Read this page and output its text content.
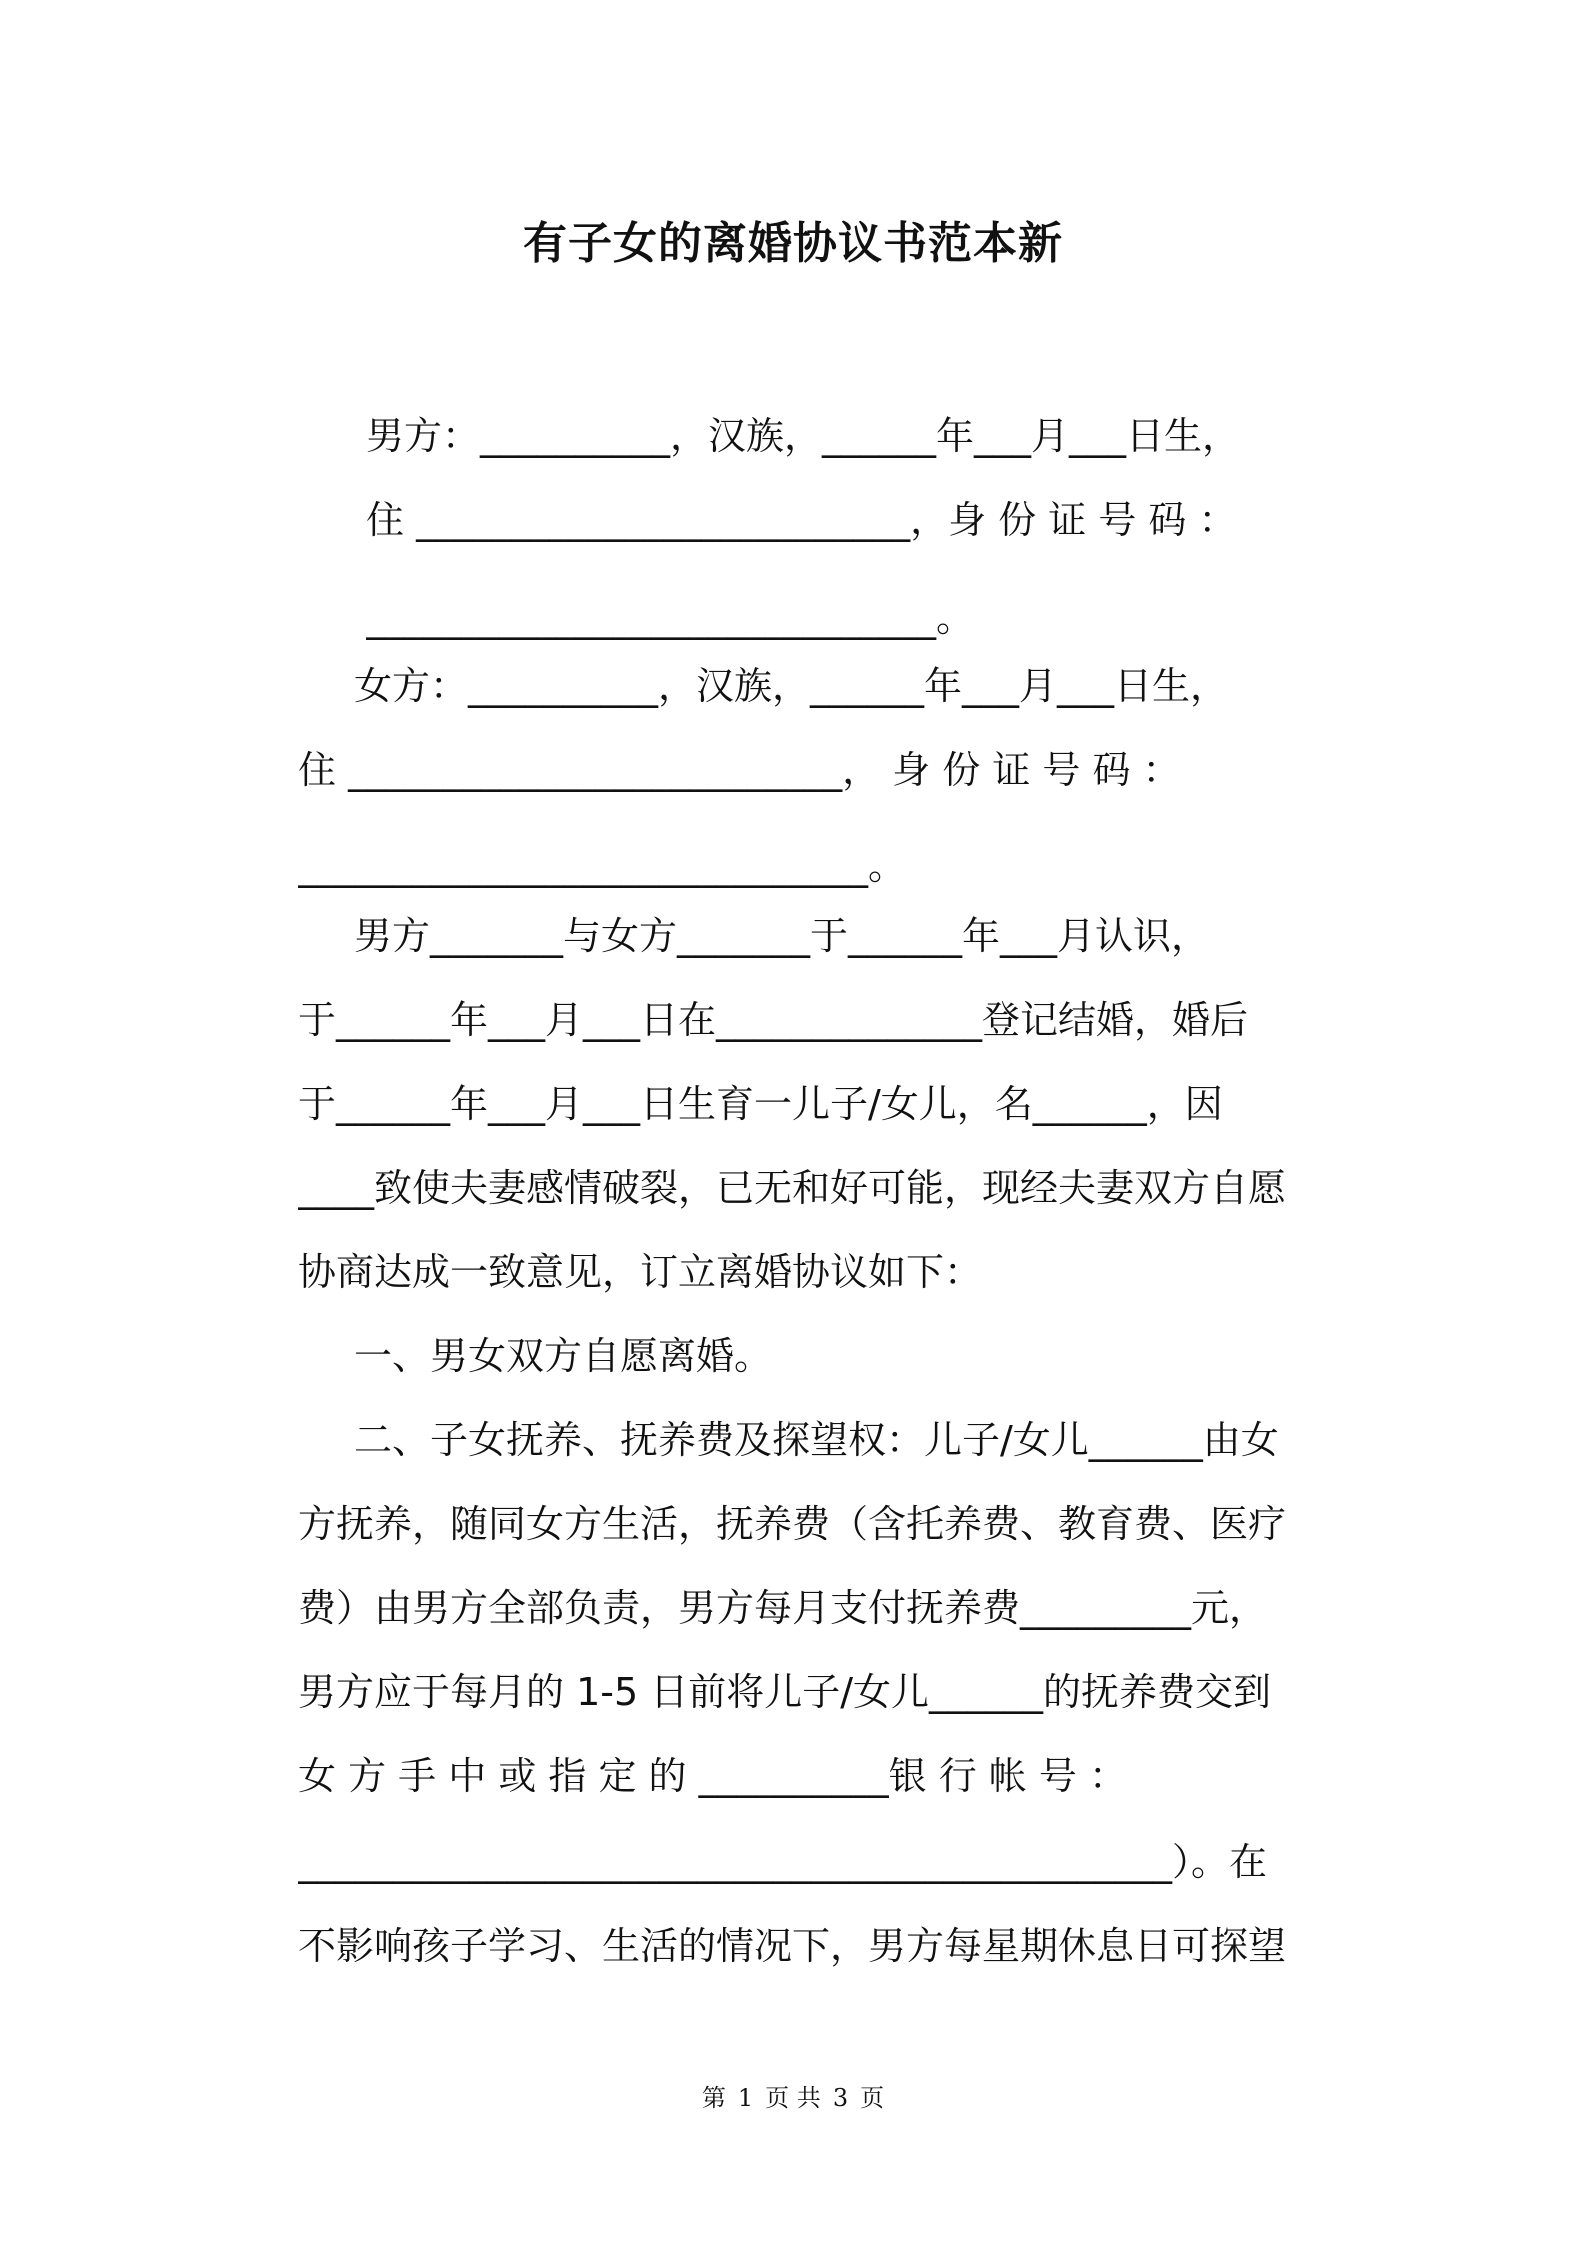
有子女的离婚协议书范本新
男方：__________，汉族，______年___月___日生，
住 __________________________，身 份 证 号 码 ：
______________________________。
女方：__________，汉族，______年___月___日生，
住 __________________________， 身 份 证 号 码 ：
______________________________。
男方_______与女方_______于______年___月认识，
于______年___月___日在______________登记结婚，婚后
于______年___月___日生育一儿子/女儿，名______，因
____致使夫妻感情破裂，已无和好可能，现经夫妻双方自愿
协商达成一致意见，订立离婚协议如下：
一、男女双方自愿离婚。
二、子女抚养、抚养费及探望权：儿子/女儿______由女
方抚养，随同女方生活，抚养费（含托养费、教育费、医疗
费）由男方全部负责，男方每月支付抚养费_________元，
男方应于每月的 1-5 日前将儿子/女儿______的抚养费交到
女 方 手 中 或 指 定 的 __________银 行 帐 号 ：
______________________________________________）。在
不影响孩子学习、生活的情况下，男方每星期休息日可探望
第 1 页 共 3 页
